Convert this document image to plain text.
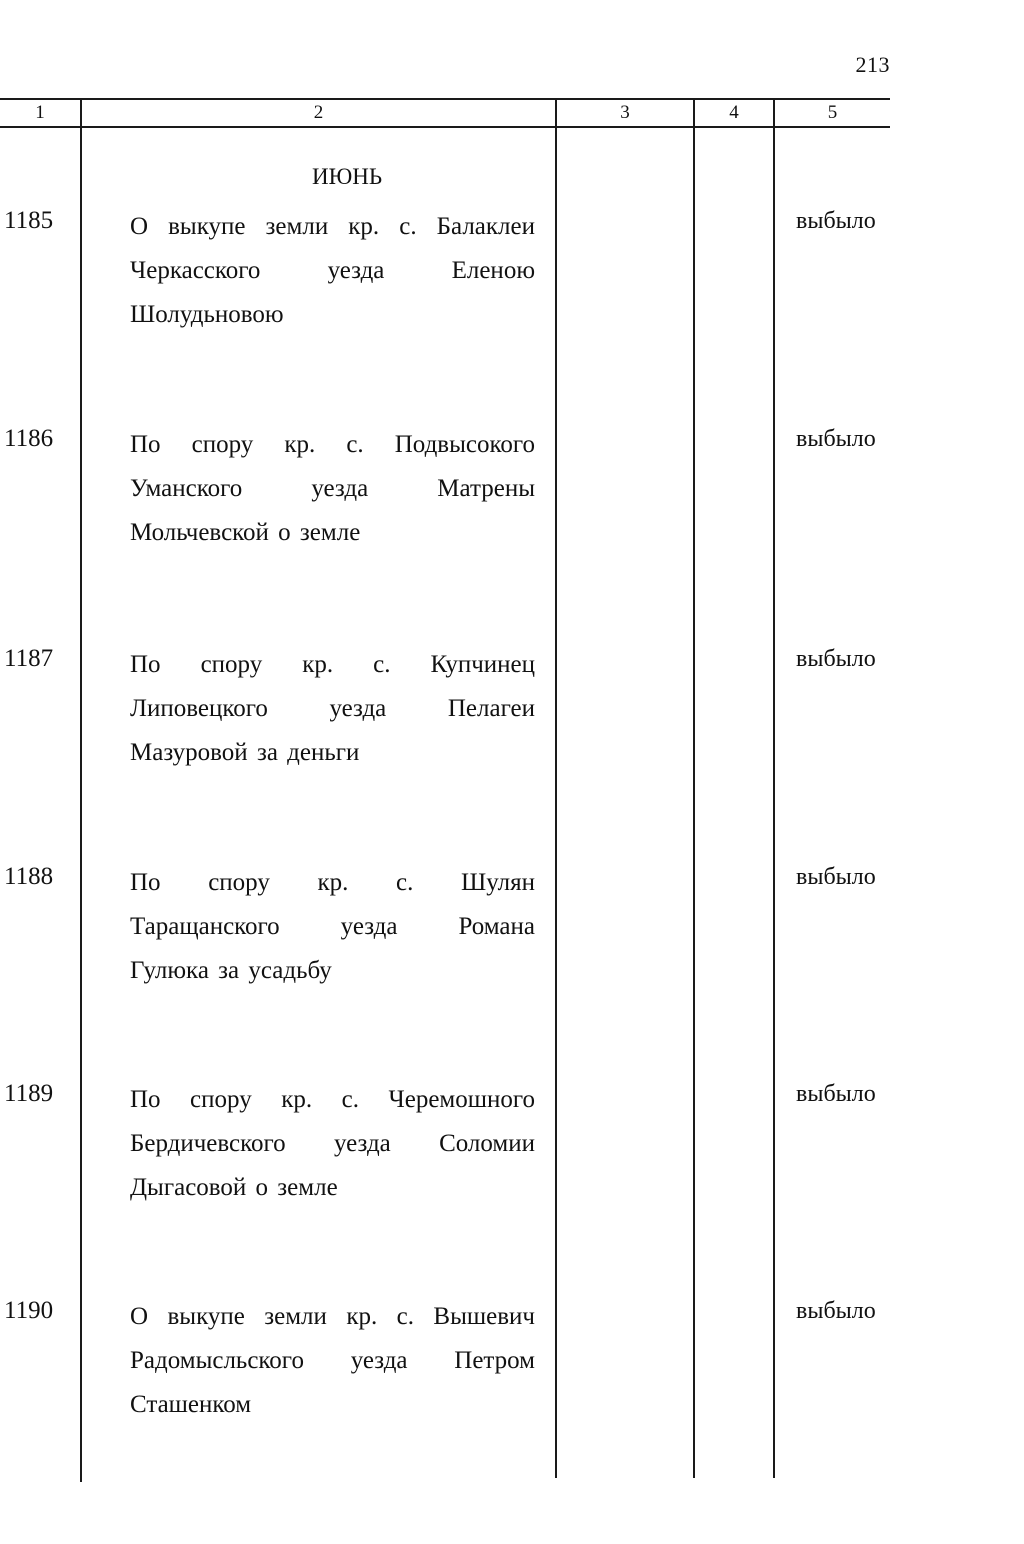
213
1	2	3	4	5
ИЮНЬ
1185	О выкупе земли кр. с. Балаклеи
Черкасского уезда Еленою
Шолудьновою
выбыло
1186	По спору кр. с. Подвысокого
Уманского уезда Матрены
Мольчевской о земле
выбыло
1187	По спору кр. с. Купчинец
Липовецкого уезда Пелагеи
Мазуровой за деньги
выбыло
1188	По спору кр. с. Шулян
Таращанского уезда Романа
Гулюка за усадьбу
выбыло
1189	По спору кр. с. Черемошного
Бердичевского уезда Соломии
Дыгасовой о земле
выбыло
1190	О выкупе земли кр. с. Вышевич
Радомысльского уезда Петром
Сташенком
выбыло
